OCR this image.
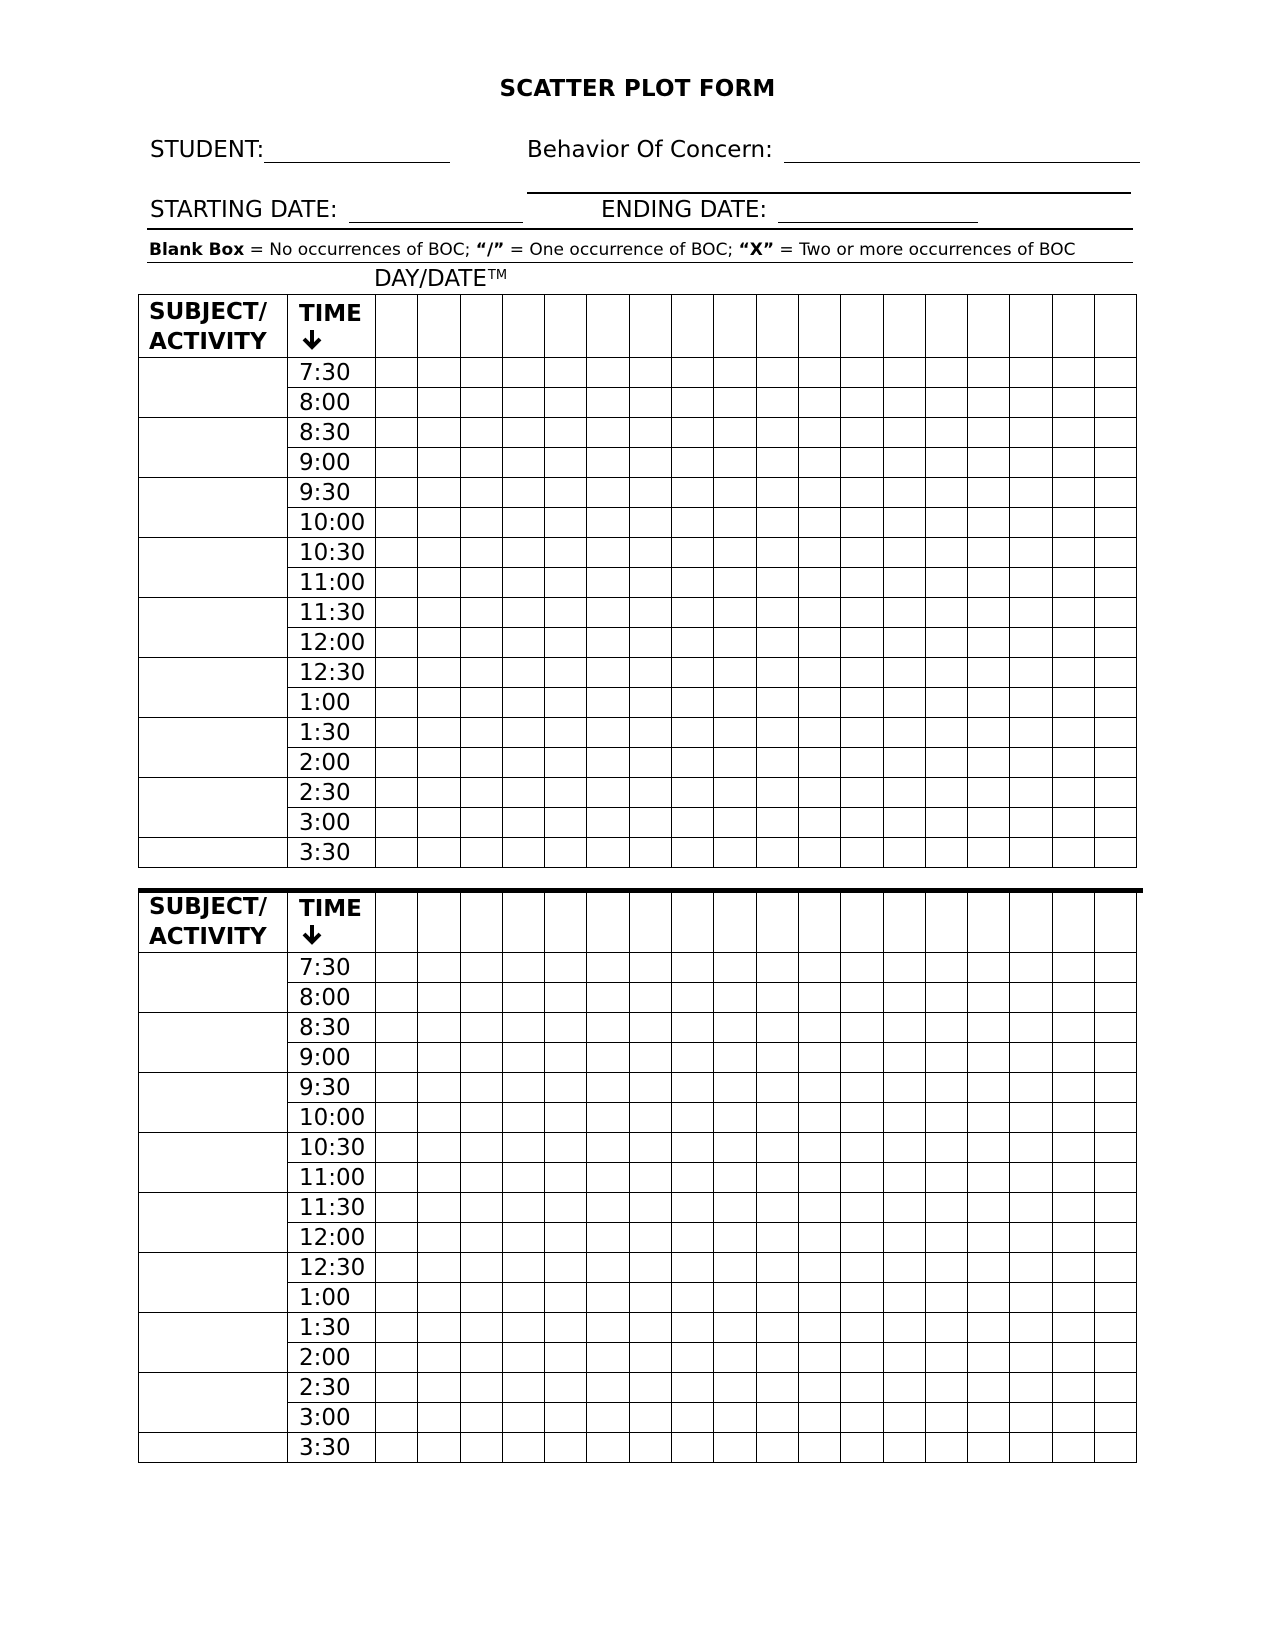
SCATTER PLOT FORM
STUDENT:	Behavior Of Concern:
STARTING DATE:	ENDING DATE:
Blank Box = No occurrences of BOC; “/” = One occurrence of BOC; “X” = Two or more occurrences of BOC
DAY/DATE™
SUBJECT/
ACTIVITY	TIME																		

	7:30																		
	8:00																		
	8:30																		
	9:00																		
	9:30																		
	10:00																		
	10:30																		
	11:00																		
	11:30																		
	12:00																		
	12:30																		
	1:00																		
	1:30																		
	2:00																		
	2:30																		
	3:00																		
	3:30																		
SUBJECT/
ACTIVITY	TIME																		

	7:30																		
	8:00																		
	8:30																		
	9:00																		
	9:30																		
	10:00																		
	10:30																		
	11:00																		
	11:30																		
	12:00																		
	12:30																		
	1:00																		
	1:30																		
	2:00																		
	2:30																		
	3:00																		
	3:30																		
